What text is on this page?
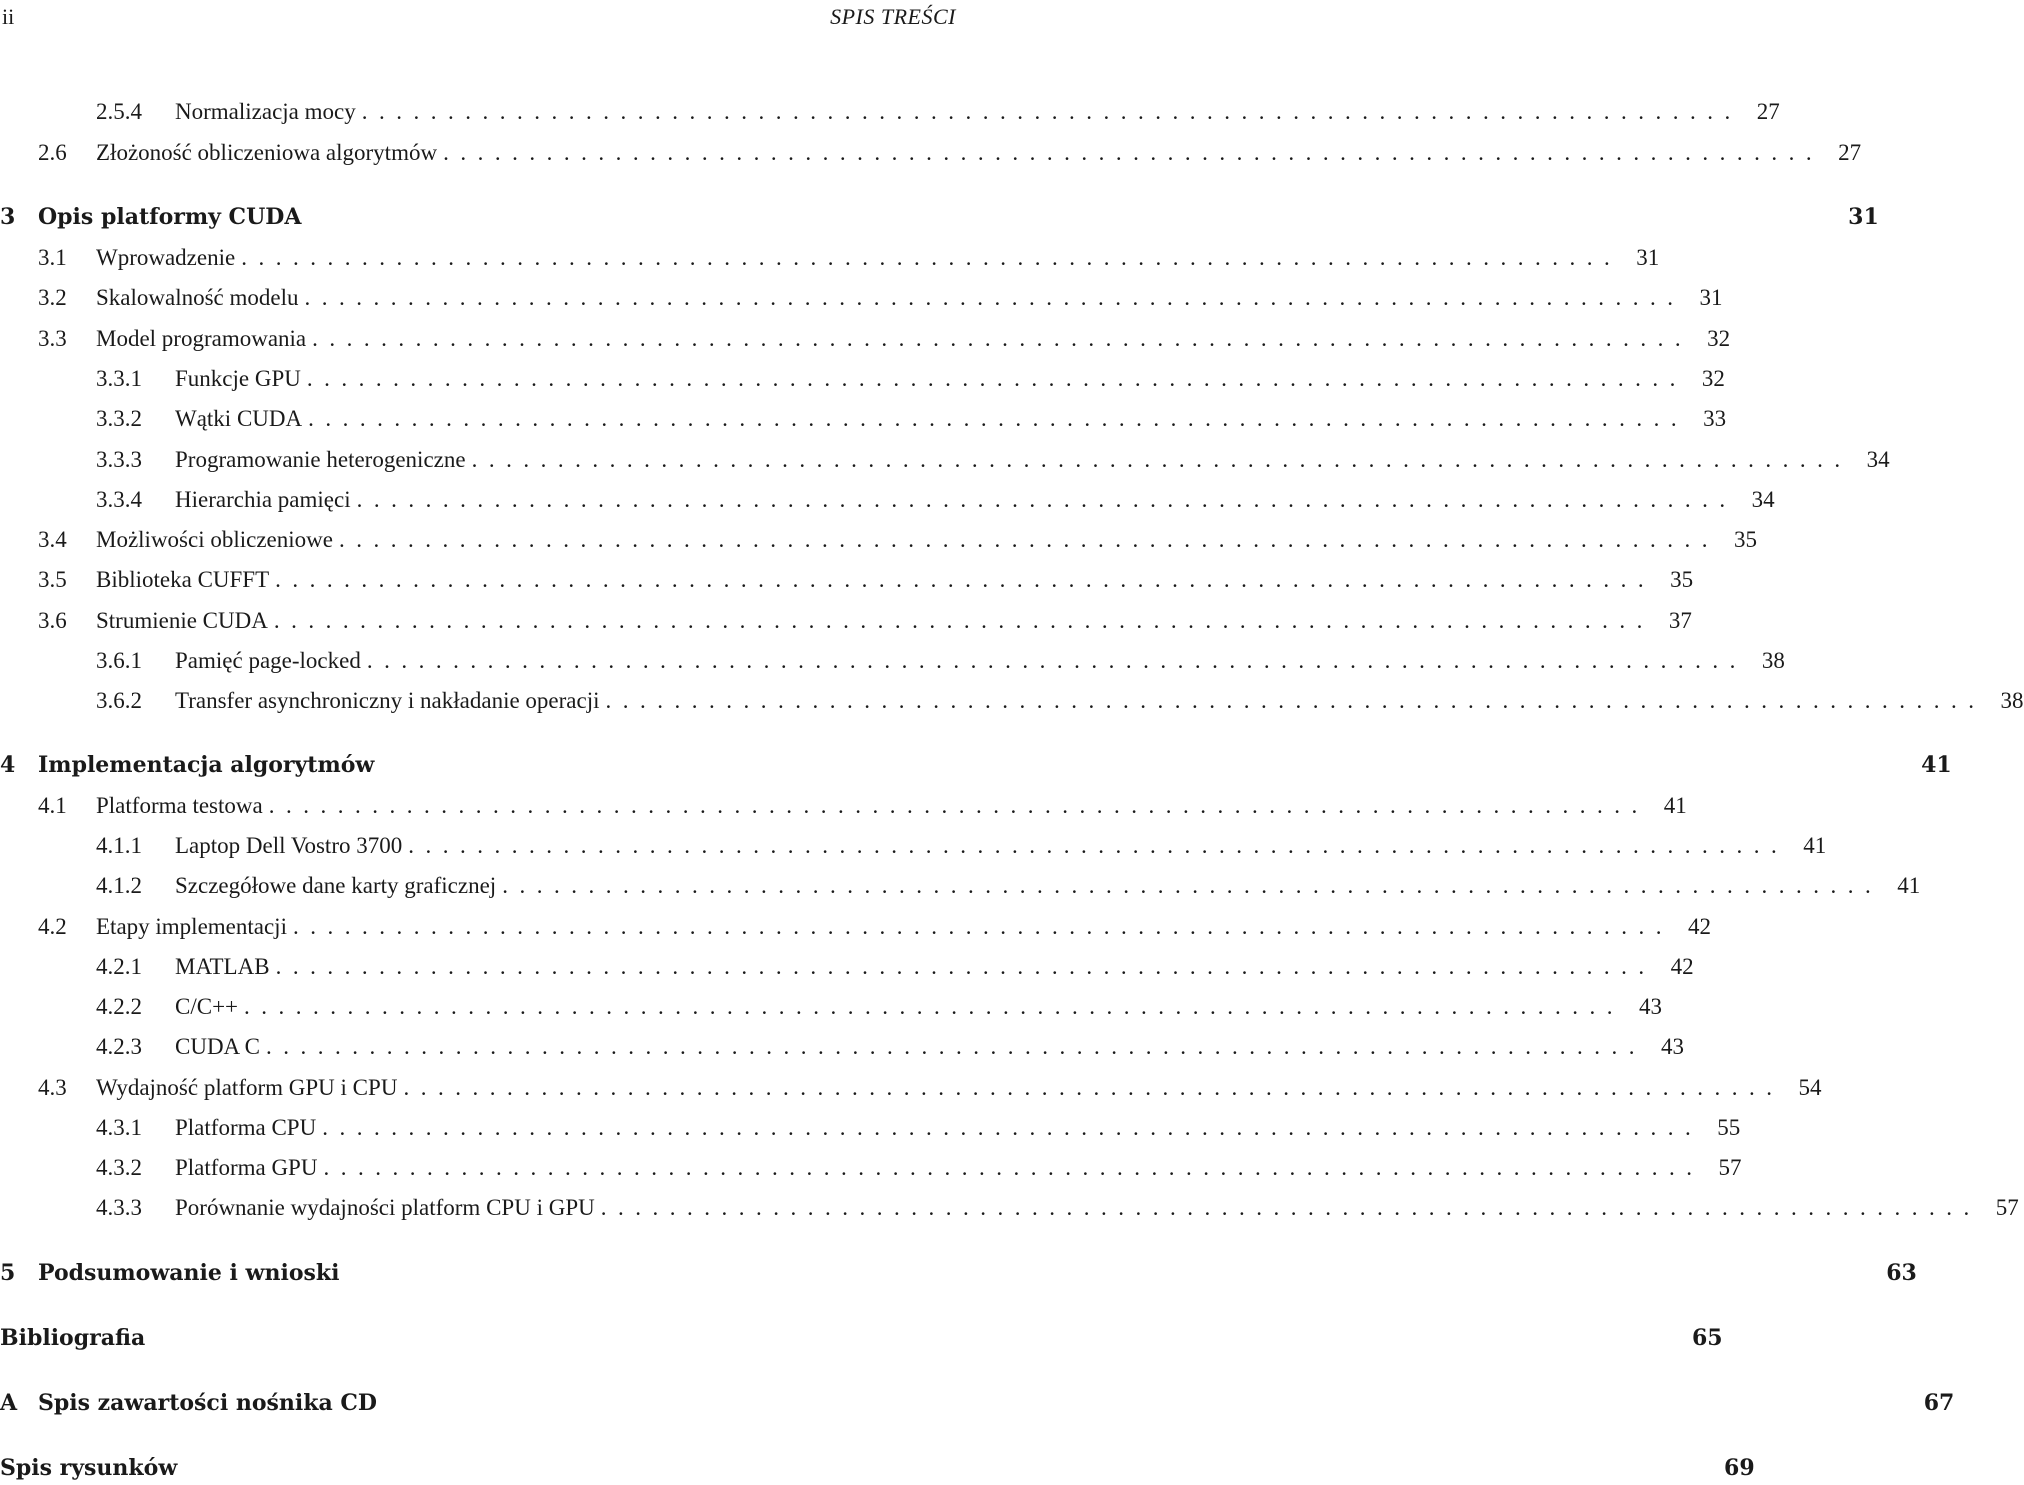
ii	SPIS TREŚCI
2.5.4	Normalizacja mocy ................................................................................ 27
2.6	Złożoność obliczeniowa algorytmów ................................................................................ 27
3	Opis platformy CUDA	31
3.1	Wprowadzenie ................................................................................ 31
3.2	Skalowalność modelu ................................................................................ 31
3.3	Model programowania ................................................................................ 32
3.3.1	Funkcje GPU ................................................................................ 32
3.3.2	Wątki CUDA ................................................................................ 33
3.3.3	Programowanie heterogeniczne ................................................................................ 34
3.3.4	Hierarchia pamięci ................................................................................ 34
3.4	Możliwości obliczeniowe ................................................................................ 35
3.5	Biblioteka CUFFT ................................................................................ 35
3.6	Strumienie CUDA ................................................................................ 37
3.6.1	Pamięć page-locked ................................................................................ 38
3.6.2	Transfer asynchroniczny i nakładanie operacji ................................................................................ 38
4	Implementacja algorytmów	41
4.1	Platforma testowa ................................................................................ 41
4.1.1	Laptop Dell Vostro 3700 ................................................................................ 41
4.1.2	Szczegółowe dane karty graficznej ................................................................................ 41
4.2	Etapy implementacji ................................................................................ 42
4.2.1	MATLAB ................................................................................ 42
4.2.2	C/C++ ................................................................................ 43
4.2.3	CUDA C ................................................................................ 43
4.3	Wydajność platform GPU i CPU ................................................................................ 54
4.3.1	Platforma CPU ................................................................................ 55
4.3.2	Platforma GPU ................................................................................ 57
4.3.3	Porównanie wydajności platform CPU i GPU ................................................................................ 57
5	Podsumowanie i wnioski	63
Bibliografia	65
A Spis zawartości nośnika CD	67
Spis rysunków	69
